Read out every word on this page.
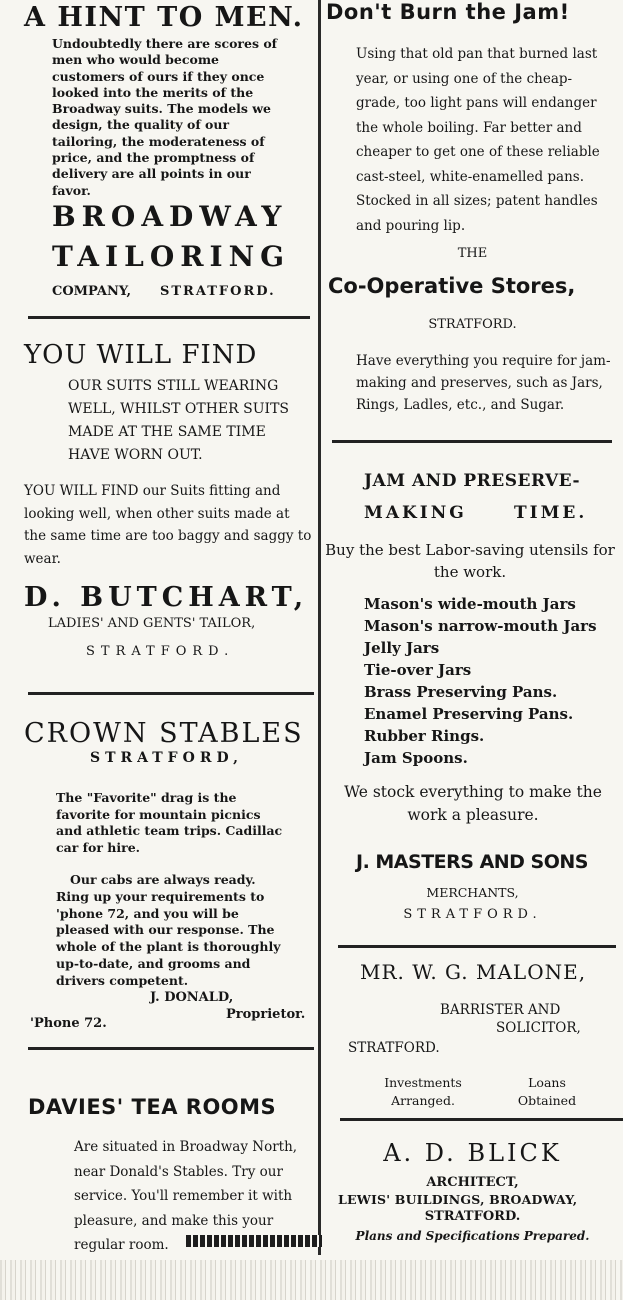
A HINT TO MEN.

Undoubtedly there are scores of men who would become customers of ours if they once looked into the merits of the Broadway suits. The models we design, the quality of our tailoring, the moderateness of price, and the promptness of delivery are all points in our favor.

BROADWAY
TAILORING
COMPANY, STRATFORD.
YOU WILL FIND
OUR SUITS STILL WEARING
WELL, WHILST OTHER SUITS
MADE AT THE SAME TIME
HAVE WORN OUT.

YOU WILL FIND our Suits fitting and looking well, when other suits made at the same time are too baggy and saggy to wear.

D. BUTCHART,
LADIES' AND GENTS' TAILOR,
STRATFORD.
CROWN STABLES
STRATFORD,

The "Favorite" drag is the favorite for mountain picnics and athletic team trips. Cadillac car for hire.

Our cabs are always ready. Ring up your requirements to 'phone 72, and you will be pleased with our response. The whole of the plant is thoroughly up-to-date, and grooms and drivers competent.

J. DONALD,
Proprietor.
'Phone 72.
DAVIES' TEA ROOMS

Are situated in Broadway North, near Donald's Stables. Try our service. You'll remember it with pleasure, and make this your regular room.

Don't Burn the Jam!

Using that old pan that burned last year, or using one of the cheap-grade, too light pans will endanger the whole boiling. Far better and cheaper to get one of these reliable cast-steel, white-enamelled pans. Stocked in all sizes; patent handles and pouring lip.

THE
Co-Operative Stores,
STRATFORD.

Have everything you require for jam-making and preserves, such as Jars, Rings, Ladles, etc., and Sugar.

JAM AND PRESERVE-
MAKING	TIME.

Buy the best Labor-saving utensils for the work.

Mason's wide-mouth Jars
Mason's narrow-mouth Jars
Jelly Jars
Tie-over Jars
Brass Preserving Pans.
Enamel Preserving Pans.
Rubber Rings.
Jam Spoons.

We stock everything to make the work a pleasure.

J. MASTERS AND SONS
MERCHANTS,
STRATFORD.
MR. W. G. MALONE,
BARRISTER AND
SOLICITOR,
STRATFORD.
Investments
Arranged.
Loans
Obtained
A. D. BLICK
ARCHITECT,
LEWIS' BUILDINGS, BROADWAY,
STRATFORD.
Plans and Specifications Prepared.
